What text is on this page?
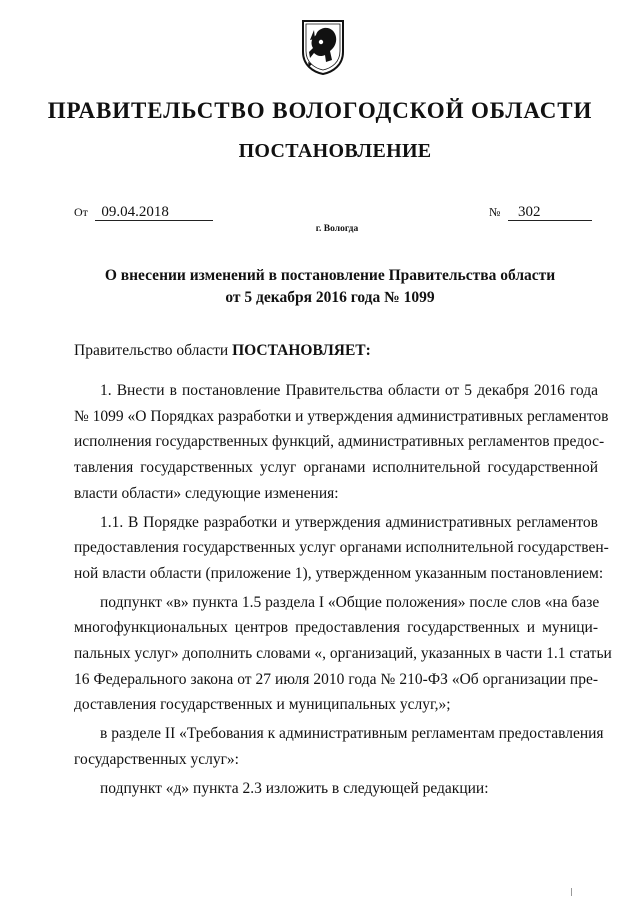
ПРАВИТЕЛЬСТВО ВОЛОГОДСКОЙ ОБЛАСТИ
ПОСТАНОВЛЕНИЕ
От 09.04.2018	№ 302
г. Вологда
О внесении изменений в постановление Правительства области
от 5 декабря 2016 года № 1099
Правительство области ПОСТАНОВЛЯЕТ:

1. Внести в постановление Правительства области от 5 декабря 2016 года
№ 1099 «О Порядках разработки и утверждения административных регламентов
исполнения государственных функций, административных регламентов предос-
тавления государственных услуг органами исполнительной государственной
власти области» следующие изменения:

1.1. В Порядке разработки и утверждения административных регламентов
предоставления государственных услуг органами исполнительной государствен-
ной власти области (приложение 1), утвержденном указанным постановлением:

подпункт «в» пункта 1.5 раздела I «Общие положения» после слов «на базе
многофункциональных центров предоставления государственных и муници-
пальных услуг» дополнить словами «, организаций, указанных в части 1.1 статьи
16 Федерального закона от 27 июля 2010 года № 210-ФЗ «Об организации пре-
доставления государственных и муниципальных услуг,»;

в разделе II «Требования к административным регламентам предоставления
государственных услуг»:

подпункт «д» пункта 2.3 изложить в следующей редакции:
